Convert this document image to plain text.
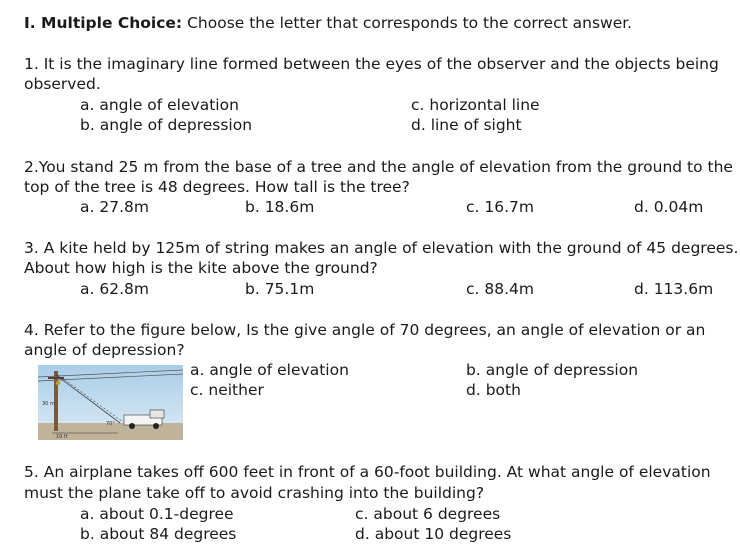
I. Multiple Choice: Choose the letter that corresponds to the correct answer.
1. It is the imaginary line formed between the eyes of the observer and the objects being
observed.
a. angle of elevation	c. horizontal line
b. angle of depression	d. line of sight
2.You stand 25 m from the base of a tree and the angle of elevation from the ground to the
top of the tree is 48 degrees. How tall is the tree?
a. 27.8m	b. 18.6m	c. 16.7m	d. 0.04m
3. A kite held by 125m of string makes an angle of elevation with the ground of 45 degrees.
About how high is the kite above the ground?
a. 62.8m	b. 75.1m	c. 88.4m	d. 113.6m
4. Refer to the figure below, Is the give angle of 70 degrees, an angle of elevation or an
angle of depression?
a. angle of elevation	b. angle of depression
c. neither	d. both
30 m
10 ft
70°
5. An airplane takes off 600 feet in front of a 60-foot building. At what angle of elevation
must the plane take off to avoid crashing into the building?
a. about 0.1-degree	c. about 6 degrees
b. about 84 degrees	d. about 10 degrees
